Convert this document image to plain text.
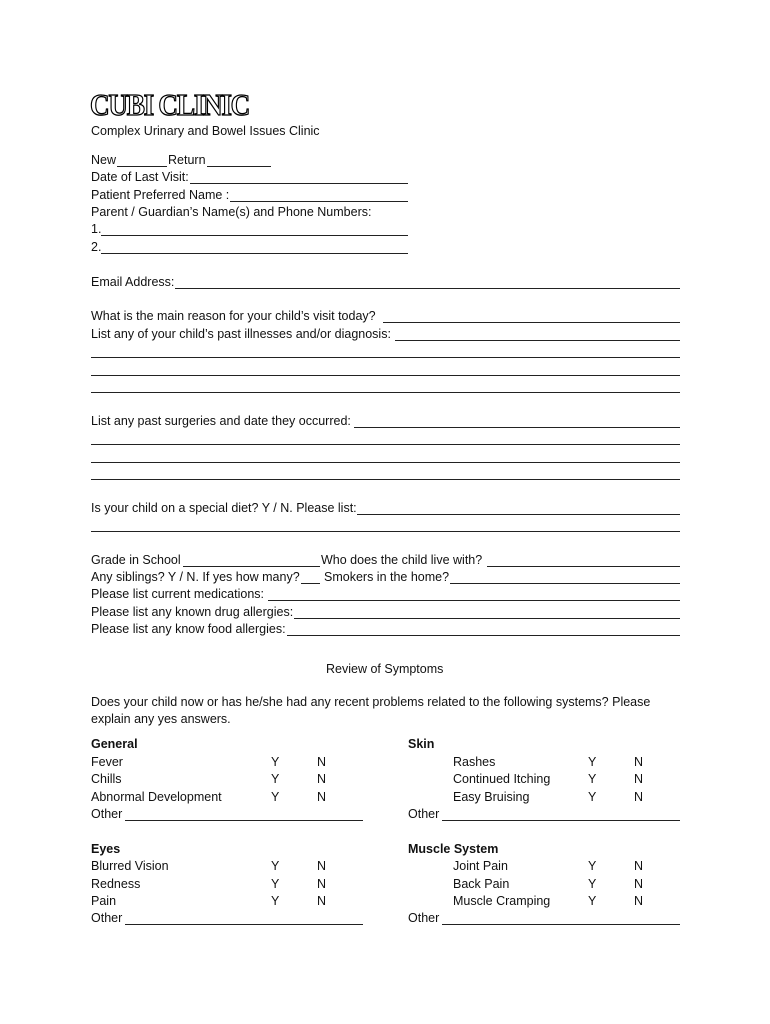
CUBI CLINIC
Complex Urinary and Bowel Issues Clinic
New	Return
Date of Last Visit:
Patient Preferred Name :
Parent / Guardian’s Name(s) and Phone Numbers:
1.
2.
Email Address:
What is the main reason for your child’s visit today?
List any of your child’s past illnesses and/or diagnosis:
List any past surgeries and date they occurred:
Is your child on a special diet? Y / N. Please list:
Grade in School	Who does the child live with?
Any siblings? Y / N. If yes how many? Smokers in the home?
Please list current medications:
Please list any known drug allergies:
Please list any know food allergies:
Review of Symptoms
Does your child now or has he/she had any recent problems related to the following systems? Please
explain any yes answers.
General
Fever	Y	N
Chills	Y	N
Abnormal Development	Y	N
Other
Skin
Rashes	Y	N
Continued Itching	Y	N
Easy Bruising	Y	N
Other
Eyes
Blurred Vision	Y	N
Redness	Y	N
Pain	Y	N
Other
Muscle System
Joint Pain	Y	N
Back Pain	Y	N
Muscle Cramping	Y	N
Other
